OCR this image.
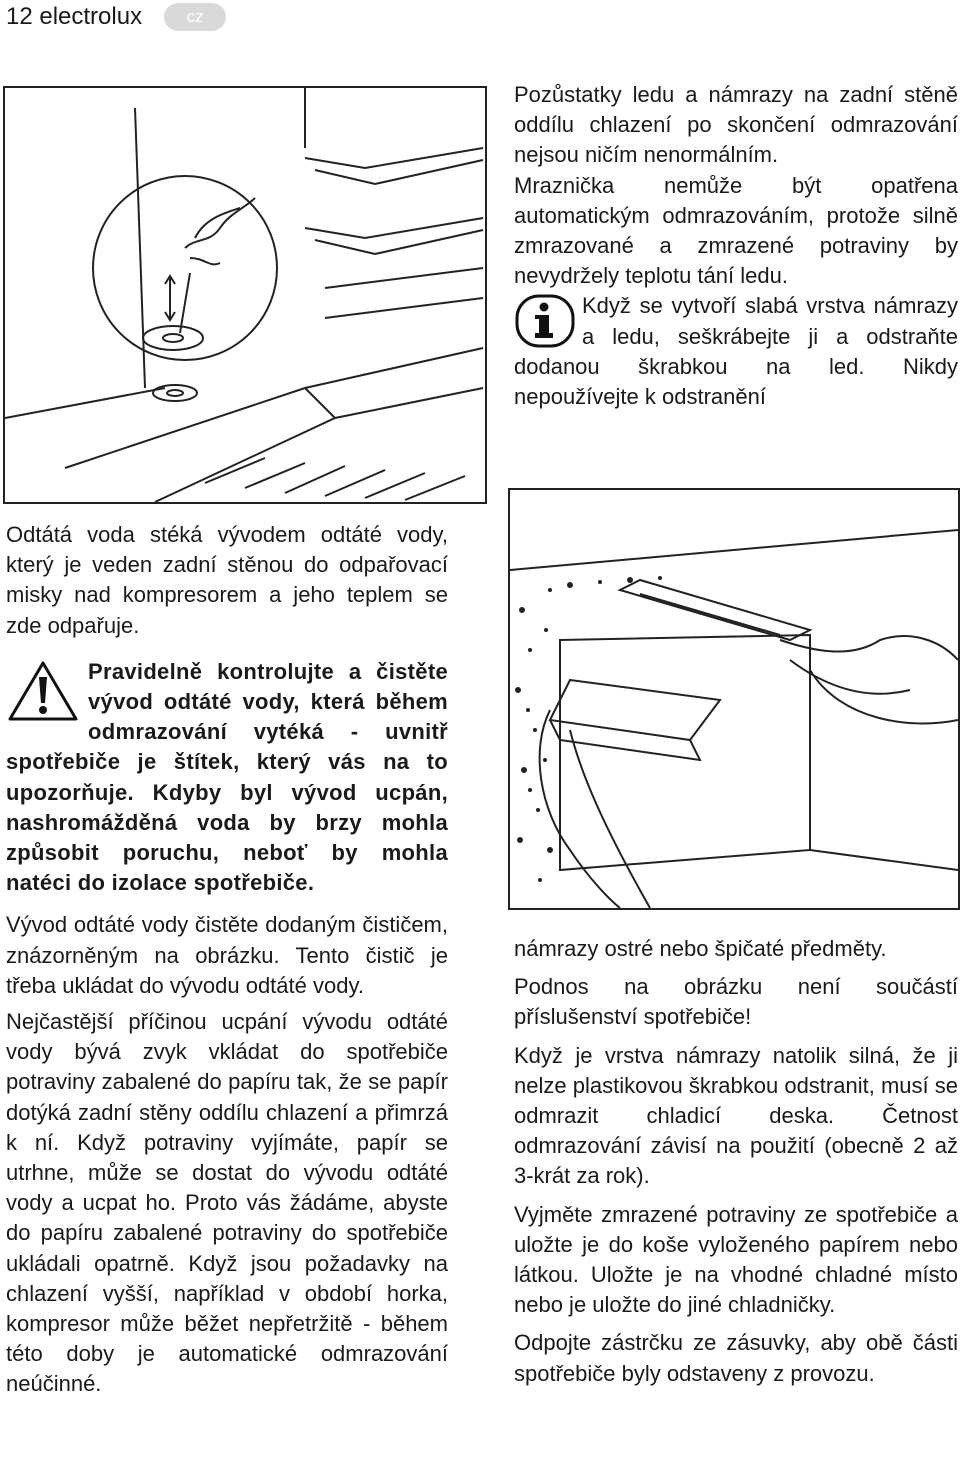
12 electrolux	cz

Pozůstatky ledu a námrazy na zadní stěně oddílu chlazení po skončení odmrazování nejsou ničím nenormálním.

Mraznička nemůže být opatřena automatickým odmrazováním, protože silně zmrazované a zmrazené potraviny by nevydržely teplotu tání ledu.

Když se vytvoří slabá vrstva námrazy a ledu, seškrábejte ji a odstraňte dodanou škrabkou na led. Nikdy nepoužívejte k odstranění

Odtátá voda stéká vývodem odtáté vody, který je veden zadní stěnou do odpařovací misky nad kompresorem a jeho teplem se zde odpařuje.

Pravidelně kontrolujte a čistěte vývod odtáté vody, která během odmrazování vytéká - uvnitř spotřebiče je štítek, který vás na to upozorňuje. Kdyby byl vývod ucpán, nashromážděná voda by brzy mohla způsobit poruchu, neboť by mohla natéci do izolace spotřebiče.

Vývod odtáté vody čistěte dodaným čističem, znázorněným na obrázku. Tento čistič je třeba ukládat do vývodu odtáté vody.

Nejčastější příčinou ucpání vývodu odtáté vody bývá zvyk vkládat do spotřebiče potraviny zabalené do papíru tak, že se papír dotýká zadní stěny oddílu chlazení a přimrzá k ní. Když potraviny vyjímáte, papír se utrhne, může se dostat do vývodu odtáté vody a ucpat ho. Proto vás žádáme, abyste do papíru zabalené potraviny do spotřebiče ukládali opatrně. Když jsou požadavky na chlazení vyšší, například v období horka, kompresor může běžet nepřetržitě - během této doby je automatické odmrazování neúčinné.

námrazy ostré nebo špičaté předměty.

Podnos na obrázku není součástí příslušenství spotřebiče!

Když je vrstva námrazy natolik silná, že ji nelze plastikovou škrabkou odstranit, musí se odmrazit chladicí deska. Četnost odmrazování závisí na použití (obecně 2 až 3-krát za rok).

Vyjměte zmrazené potraviny ze spotřebiče a uložte je do koše vyloženého papírem nebo látkou. Uložte je na vhodné chladné místo nebo je uložte do jiné chladničky.

Odpojte zástrčku ze zásuvky, aby obě části spotřebiče byly odstaveny z provozu.
